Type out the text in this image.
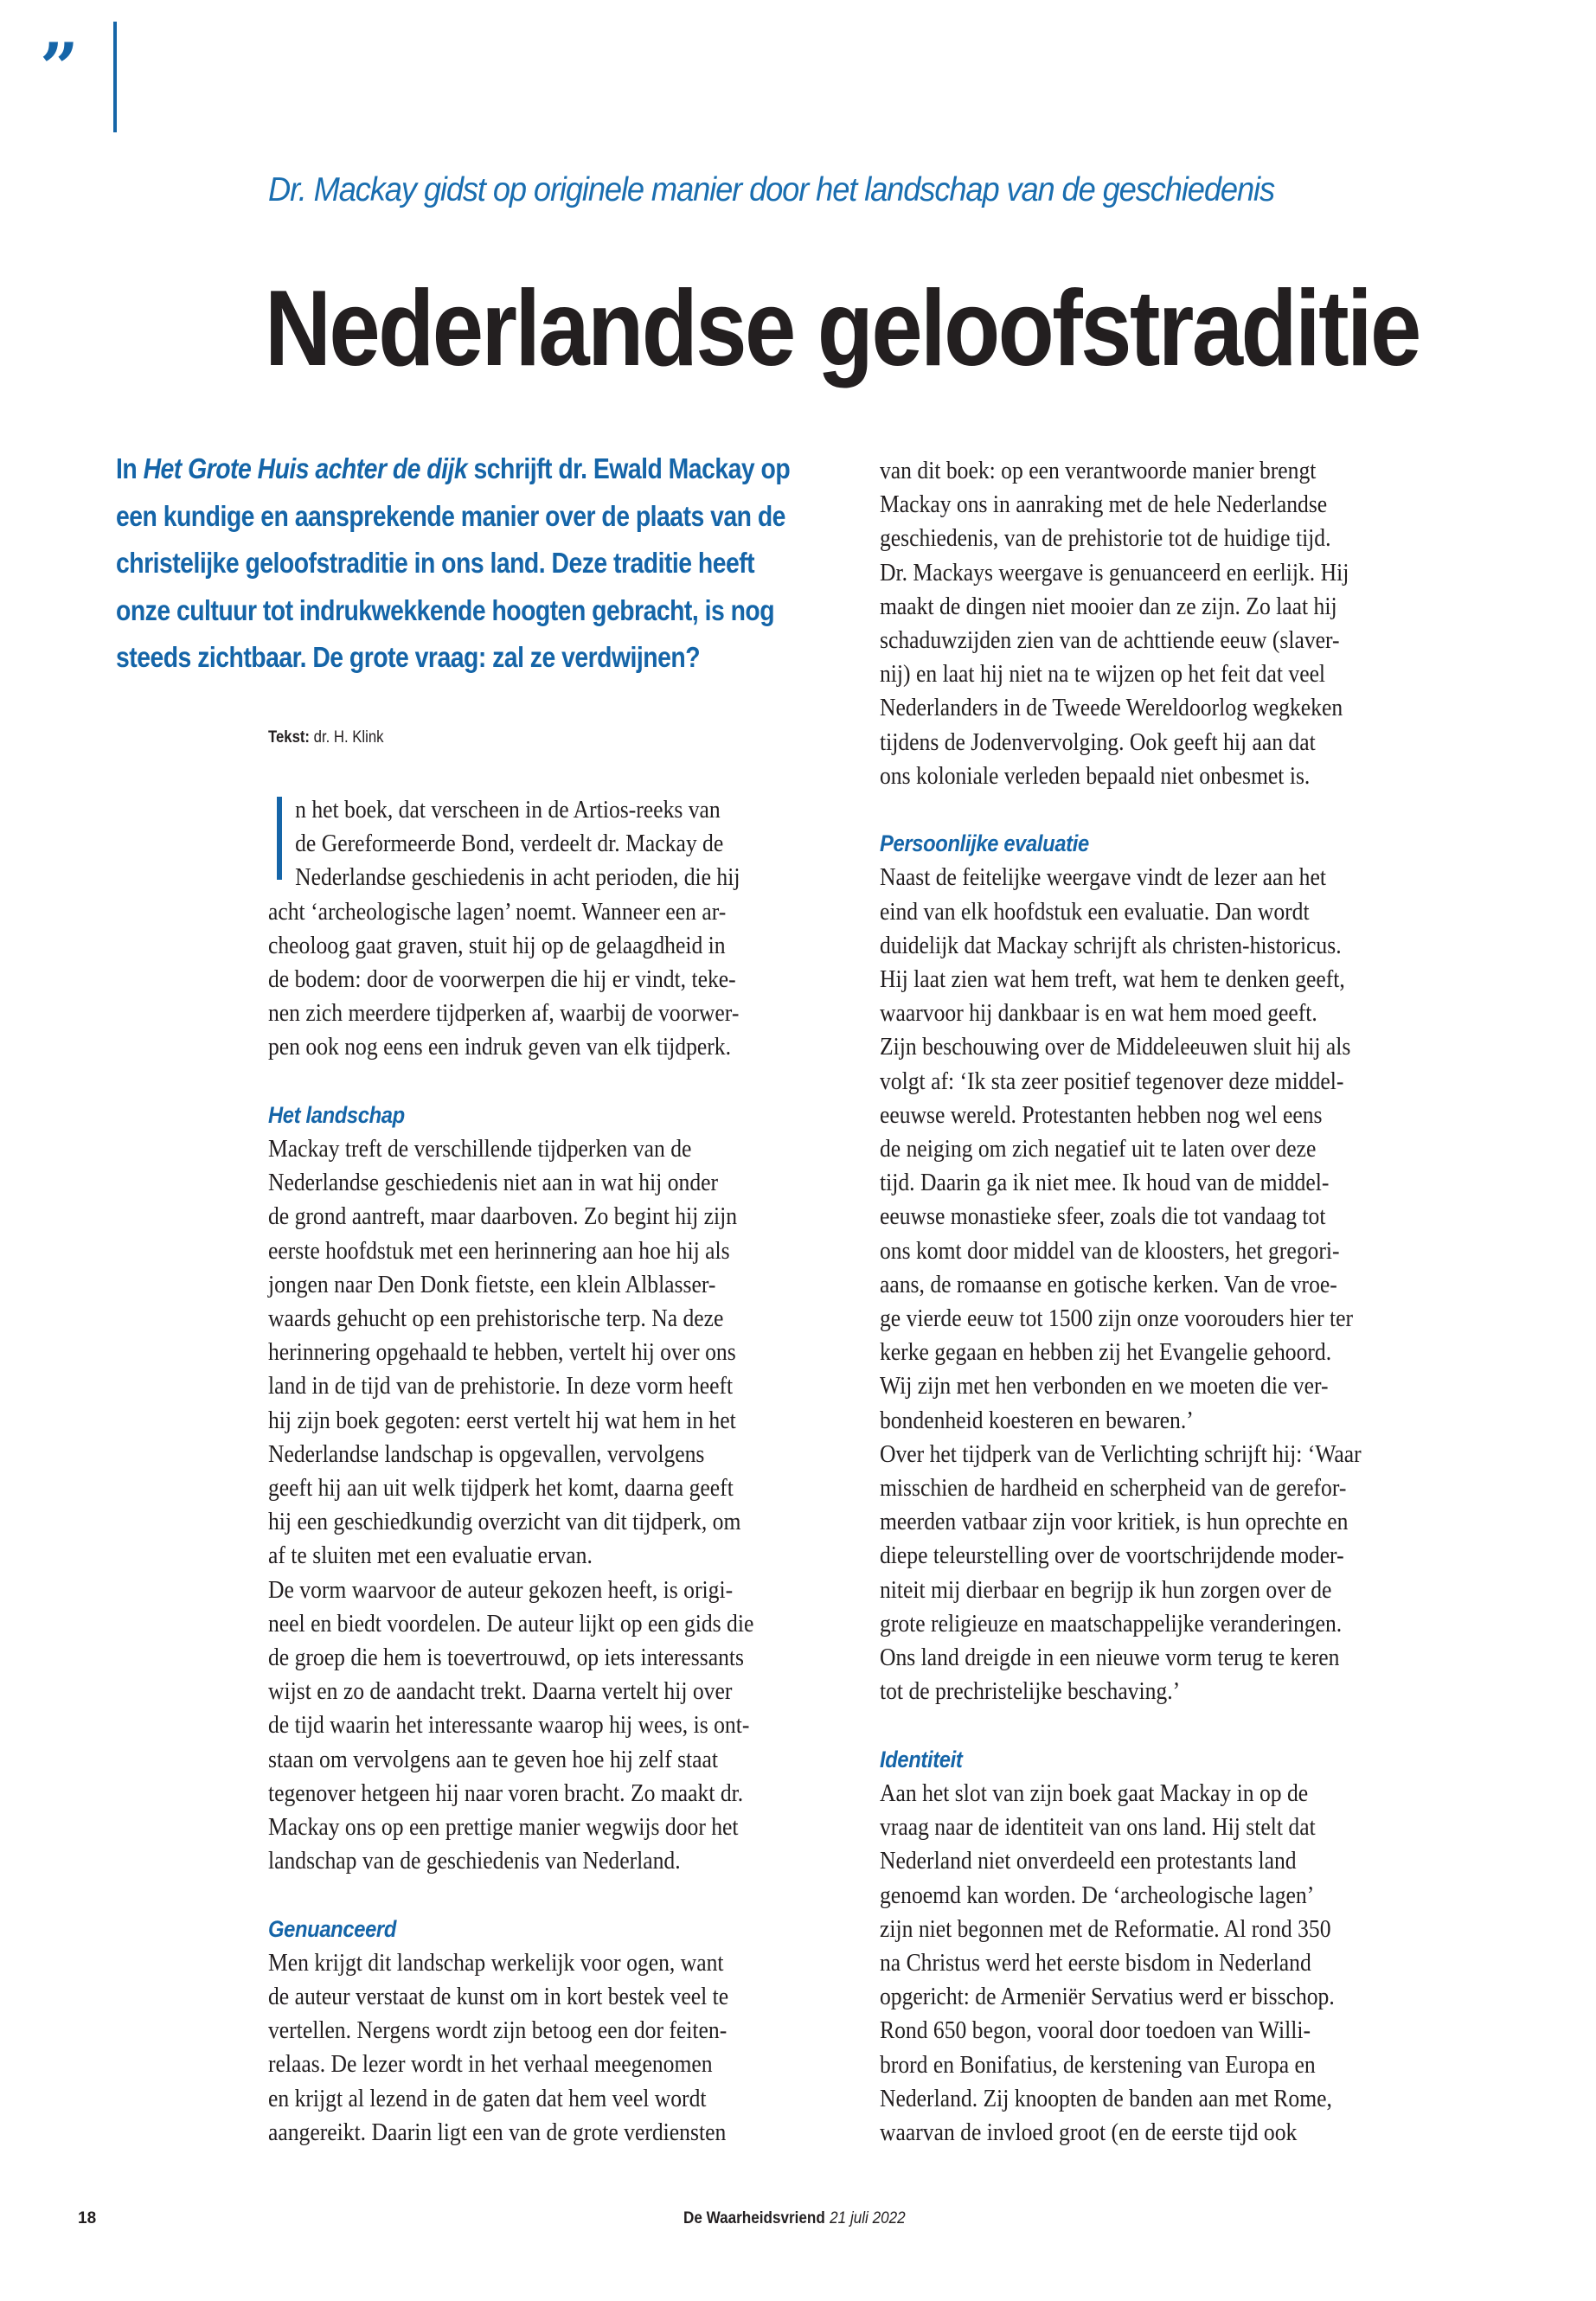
”
Dr. Mackay gidst op originele manier door het landschap van de geschiedenis
Nederlandse geloofstraditie
In Het Grote Huis achter de dijk schrijft dr. Ewald Mackay op
een kundige en aansprekende manier over de plaats van de
christelijke geloofstraditie in ons land. Deze traditie heeft
onze cultuur tot indrukwekkende hoogten gebracht, is nog
steeds zichtbaar. De grote vraag: zal ze verdwijnen?
Tekst: dr. H. Klink
n het boek, dat verscheen in de Artios-reeks van
de Gereformeerde Bond, verdeelt dr. Mackay de
Nederlandse geschiedenis in acht perioden, die hij
acht ‘archeologische lagen’ noemt. Wanneer een ar-
cheoloog gaat graven, stuit hij op de gelaagdheid in
de bodem: door de voorwerpen die hij er vindt, teke-
nen zich meerdere tijdperken af, waarbij de voorwer-
pen ook nog eens een indruk geven van elk tijdperk.
Het landschap
Mackay treft de verschillende tijdperken van de
Nederlandse geschiedenis niet aan in wat hij onder
de grond aantreft, maar daarboven. Zo begint hij zijn
eerste hoofdstuk met een herinnering aan hoe hij als
jongen naar Den Donk fietste, een klein Alblasser-
waards gehucht op een prehistorische terp. Na deze
herinnering opgehaald te hebben, vertelt hij over ons
land in de tijd van de prehistorie. In deze vorm heeft
hij zijn boek gegoten: eerst vertelt hij wat hem in het
Nederlandse landschap is opgevallen, vervolgens
geeft hij aan uit welk tijdperk het komt, daarna geeft
hij een geschiedkundig overzicht van dit tijdperk, om
af te sluiten met een evaluatie ervan.
De vorm waarvoor de auteur gekozen heeft, is origi-
neel en biedt voordelen. De auteur lijkt op een gids die
de groep die hem is toevertrouwd, op iets interessants
wijst en zo de aandacht trekt. Daarna vertelt hij over
de tijd waarin het interessante waarop hij wees, is ont-
staan om vervolgens aan te geven hoe hij zelf staat
tegenover hetgeen hij naar voren bracht. Zo maakt dr.
Mackay ons op een prettige manier wegwijs door het
landschap van de geschiedenis van Nederland.
Genuanceerd
Men krijgt dit landschap werkelijk voor ogen, want
de auteur verstaat de kunst om in kort bestek veel te
vertellen. Nergens wordt zijn betoog een dor feiten-
relaas. De lezer wordt in het verhaal meegenomen
en krijgt al lezend in de gaten dat hem veel wordt
aangereikt. Daarin ligt een van de grote verdiensten
van dit boek: op een verantwoorde manier brengt
Mackay ons in aanraking met de hele Nederlandse
geschiedenis, van de prehistorie tot de huidige tijd.
Dr. Mackays weergave is genuanceerd en eerlijk. Hij
maakt de dingen niet mooier dan ze zijn. Zo laat hij
schaduwzijden zien van de achttiende eeuw (slaver-
nij) en laat hij niet na te wijzen op het feit dat veel
Nederlanders in de Tweede Wereldoorlog wegkeken
tijdens de Jodenvervolging. Ook geeft hij aan dat
ons koloniale verleden bepaald niet onbesmet is.
Persoonlijke evaluatie
Naast de feitelijke weergave vindt de lezer aan het
eind van elk hoofdstuk een evaluatie. Dan wordt
duidelijk dat Mackay schrijft als christen-historicus.
Hij laat zien wat hem treft, wat hem te denken geeft,
waarvoor hij dankbaar is en wat hem moed geeft.
Zijn beschouwing over de Middeleeuwen sluit hij als
volgt af: ‘Ik sta zeer positief tegenover deze middel-
eeuwse wereld. Protestanten hebben nog wel eens
de neiging om zich negatief uit te laten over deze
tijd. Daarin ga ik niet mee. Ik houd van de middel-
eeuwse monastieke sfeer, zoals die tot vandaag tot
ons komt door middel van de kloosters, het gregori-
aans, de romaanse en gotische kerken. Van de vroe-
ge vierde eeuw tot 1500 zijn onze voorouders hier ter
kerke gegaan en hebben zij het Evangelie gehoord.
Wij zijn met hen verbonden en we moeten die ver-
bondenheid koesteren en bewaren.’
Over het tijdperk van de Verlichting schrijft hij: ‘Waar
misschien de hardheid en scherpheid van de gerefor-
meerden vatbaar zijn voor kritiek, is hun oprechte en
diepe teleurstelling over de voortschrijdende moder-
niteit mij dierbaar en begrijp ik hun zorgen over de
grote religieuze en maatschappelijke veranderingen.
Ons land dreigde in een nieuwe vorm terug te keren
tot de prechristelijke beschaving.’
Identiteit
Aan het slot van zijn boek gaat Mackay in op de
vraag naar de identiteit van ons land. Hij stelt dat
Nederland niet onverdeeld een protestants land
genoemd kan worden. De ‘archeologische lagen’
zijn niet begonnen met de Reformatie. Al rond 350
na Christus werd het eerste bisdom in Nederland
opgericht: de Armeniër Servatius werd er bisschop.
Rond 650 begon, vooral door toedoen van Willi-
brord en Bonifatius, de kerstening van Europa en
Nederland. Zij knoopten de banden aan met Rome,
waarvan de invloed groot (en de eerste tijd ook
18	De Waarheidsvriend 21 juli 2022
